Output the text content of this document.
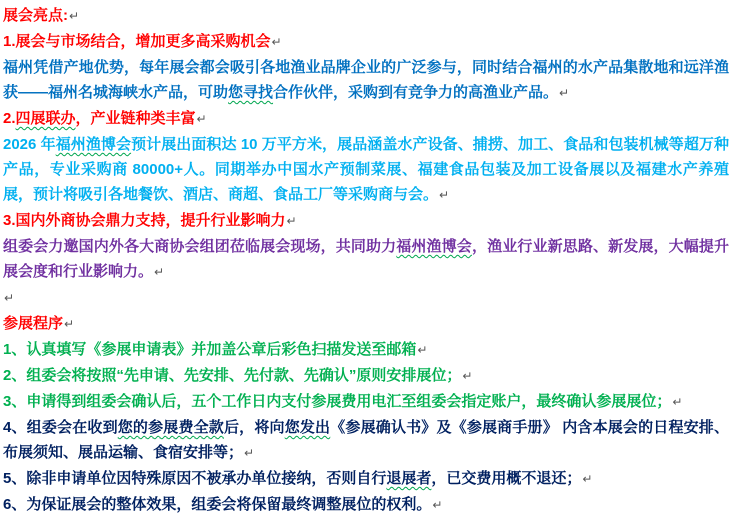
展会亮点:↵

1.展会与市场结合，增加更多高采购机会↵

福州凭借产地优势，每年展会都会吸引各地渔业品牌企业的广泛参与，同时结合福州的水产品集散地和远洋渔获——福州名城海峡水产品，可助您寻找合作伙伴，采购到有竞争力的高渔业产品。↵

2.四展联办，产业链种类丰富↵

2026 年福州渔博会预计展出面积达 10 万平方米，展品涵盖水产设备、捕捞、加工、食品和包装机械等超万种产品，专业采购商 80000+人。同期举办中国水产预制菜展、福建食品包装及加工设备展以及福建水产养殖展，预计将吸引各地餐饮、酒店、商超、食品工厂等采购商与会。↵

3.国内外商协会鼎力支持，提升行业影响力↵

组委会力邀国内外各大商协会组团莅临展会现场，共同助力福州渔博会，渔业行业新思路、新发展，大幅提升展会度和行业影响力。↵

↵

参展程序↵

1、认真填写《参展申请表》并加盖公章后彩色扫描发送至邮箱↵

2、组委会将按照“先申请、先安排、先付款、先确认”原则安排展位；↵

3、申请得到组委会确认后，五个工作日内支付参展费用电汇至组委会指定账户，最终确认参展展位；↵

4、组委会在收到您的参展费全款后，将向您发出《参展确认书》及《参展商手册》 内含本展会的日程安排、布展须知、展品运输、食宿安排等；↵

5、除非申请单位因特殊原因不被承办单位接纳，否则自行退展者，已交费用概不退还；↵

6、为保证展会的整体效果，组委会将保留最终调整展位的权利。↵
